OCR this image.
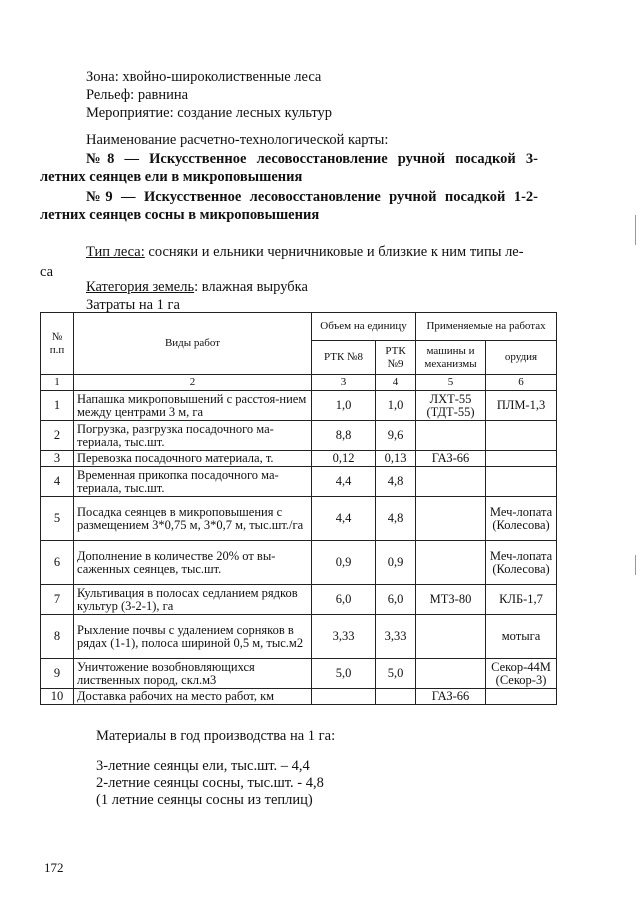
Зона: хвойно-широколиственные леса
Рельеф: равнина
Мероприятие: создание лесных культур
Наименование расчетно-технологической карты:
№8 — Искусственное лесовосстановление ручной посадкой 3-
летних сеянцев ели в микроповышения
№9 — Искусственное лесовосстановление ручной посадкой 1-2-
летних сеянцев сосны в микроповышения
Тип леса: сосняки и ельники черничниковые и близкие к ним типы ле-
са
Категория земель: влажная вырубка
Затраты на 1 га
№ п.п	Виды работ	Объем на единицу		Применяемые на работах	
		РТК №8	РТК №9	машины и механизмы	орудия
1	2	3	4	5	6
1	Напашка микроповышений с расстоя-нием между центрами 3 м, га	1,0	1,0	ЛХТ-55 (ТДТ-55)	ПЛМ-1,3
2	Погрузка, разгрузка посадочного ма-териала, тыс.шт.	8,8	9,6		
3	Перевозка посадочного материала, т.	0,12	0,13	ГАЗ-66	
4	Временная прикопка посадочного ма-териала, тыс.шт.	4,4	4,8		
5	Посадка сеянцев в микроповышения с размещением 3*0,75 м, 3*0,7 м, тыс.шт./га	4,4	4,8		Меч-лопата (Колесова)
6	Дополнение в количестве 20% от вы-саженных сеянцев, тыс.шт.	0,9	0,9		Меч-лопата (Колесова)
7	Культивация в полосах седланием рядков культур (3-2-1), га	6,0	6,0	МТЗ-80	КЛБ-1,7
8	Рыхление почвы с удалением сорняков в рядах (1-1), полоса шириной 0,5 м, тыс.м2	3,33	3,33		мотыга
9	Уничтожение возобновляющихся лиственных пород, скл.м3	5,0	5,0		Секор-44М (Секор-3)
10	Доставка рабочих на место работ, км			ГАЗ-66	
Материалы в год производства на 1 га:
3-летние сеянцы ели, тыс.шт. – 4,4
2-летние сеянцы сосны, тыс.шт. - 4,8
(1 летние сеянцы сосны из теплиц)
172
